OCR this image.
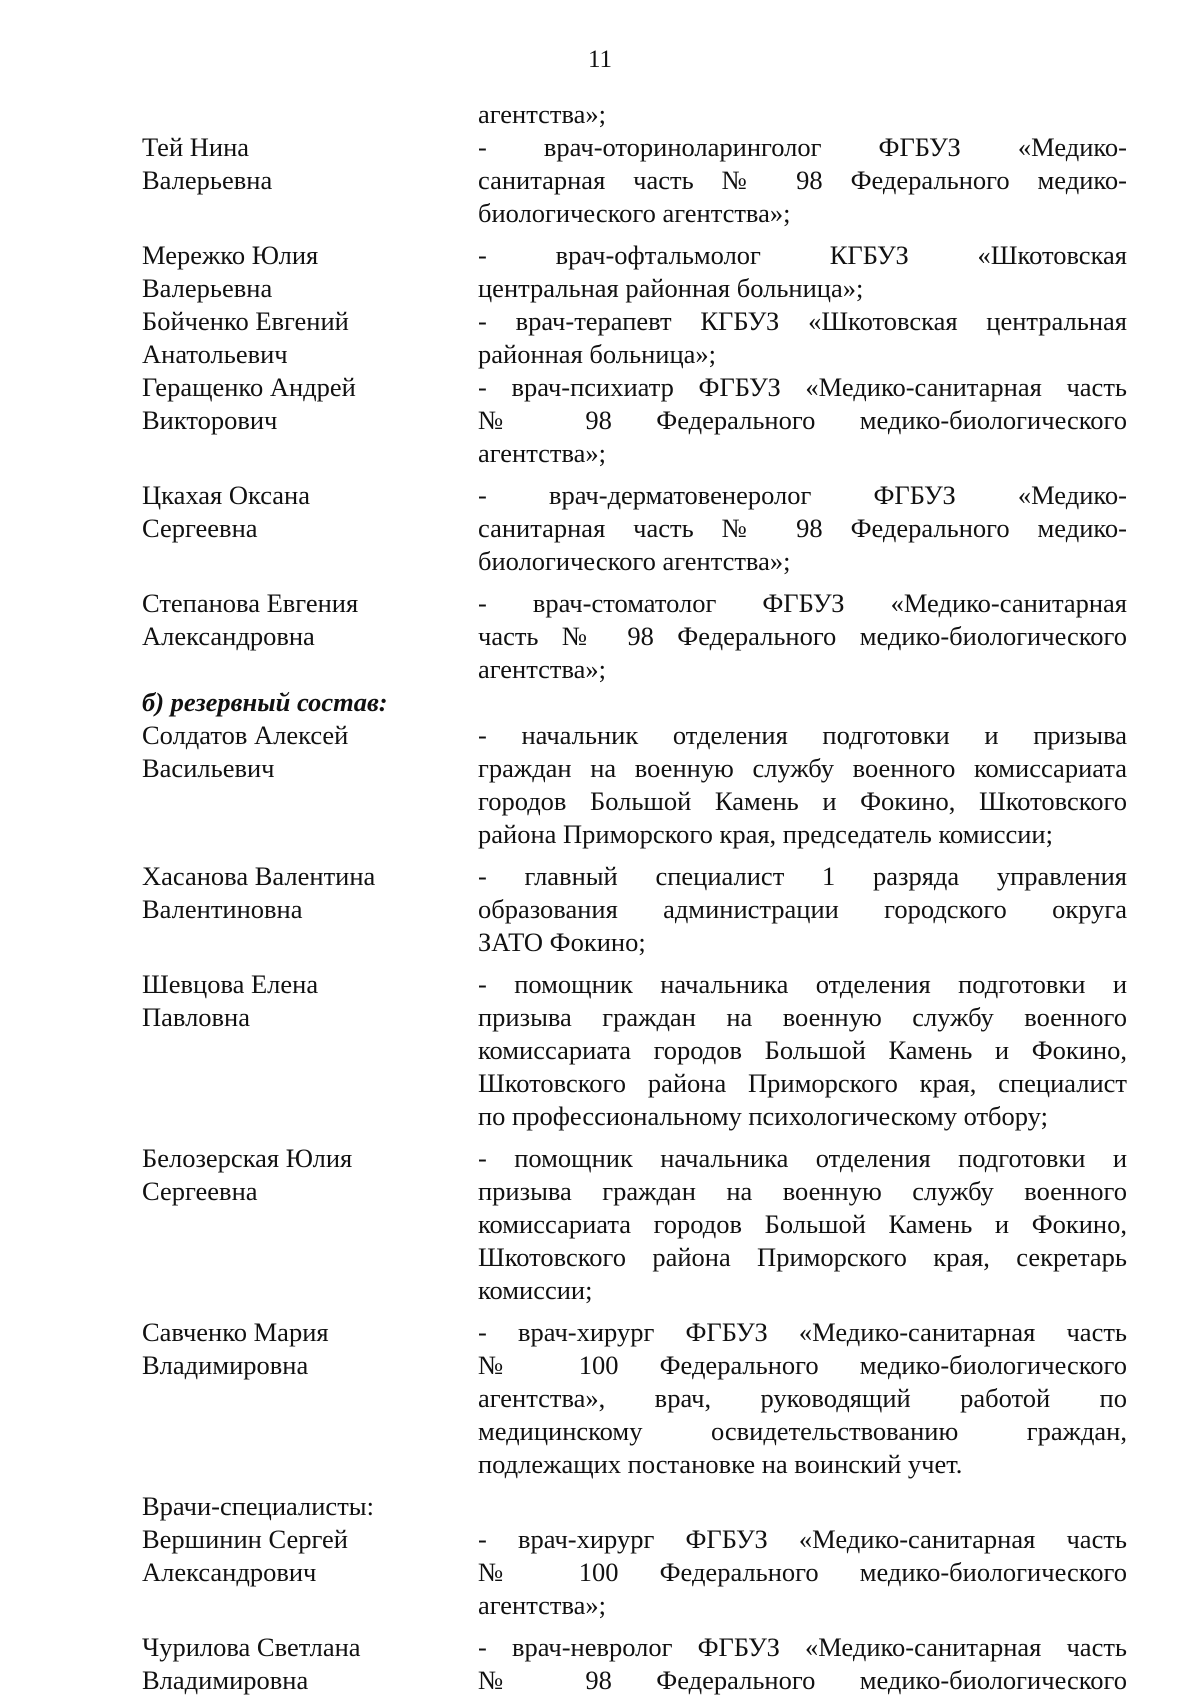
11
агентства»;
Тей Нина
Валерьевна
- врач-оториноларинголог ФГБУЗ «Медико-
санитарная часть № 98 Федерального медико-
биологического агентства»;
Мережко Юлия
Валерьевна
- врач-офтальмолог КГБУЗ «Шкотовская
центральная районная больница»;
Бойченко Евгений
Анатольевич
- врач-терапевт КГБУЗ «Шкотовская центральная
районная больница»;
Геращенко Андрей
Викторович
- врач-психиатр ФГБУЗ «Медико-санитарная часть
№ 98 Федерального медико-биологического
агентства»;
Цкахая Оксана
Сергеевна
- врач-дерматовенеролог ФГБУЗ «Медико-
санитарная часть № 98 Федерального медико-
биологического агентства»;
Степанова Евгения
Александровна
- врач-стоматолог ФГБУЗ «Медико-санитарная
часть № 98 Федерального медико-биологического
агентства»;
б) резервный состав:
Солдатов Алексей
Васильевич
- начальник отделения подготовки и призыва
граждан на военную службу военного комиссариата
городов Большой Камень и Фокино, Шкотовского
района Приморского края, председатель комиссии;
Хасанова Валентина
Валентиновна
- главный специалист 1 разряда управления
образования администрации городского округа
ЗАТО Фокино;
Шевцова Елена
Павловна
- помощник начальника отделения подготовки и
призыва граждан на военную службу военного
комиссариата городов Большой Камень и Фокино,
Шкотовского района Приморского края, специалист
по профессиональному психологическому отбору;
Белозерская Юлия
Сергеевна
- помощник начальника отделения подготовки и
призыва граждан на военную службу военного
комиссариата городов Большой Камень и Фокино,
Шкотовского района Приморского края, секретарь
комиссии;
Савченко Мария
Владимировна
- врач-хирург ФГБУЗ «Медико-санитарная часть
№ 100 Федерального медико-биологического
агентства», врач, руководящий работой по
медицинскому освидетельствованию граждан,
подлежащих постановке на воинский учет.
Врачи-специалисты:
Вершинин Сергей
Александрович
- врач-хирург ФГБУЗ «Медико-санитарная часть
№ 100 Федерального медико-биологического
агентства»;
Чурилова Светлана
Владимировна
- врач-невролог ФГБУЗ «Медико-санитарная часть
№ 98 Федерального медико-биологического
